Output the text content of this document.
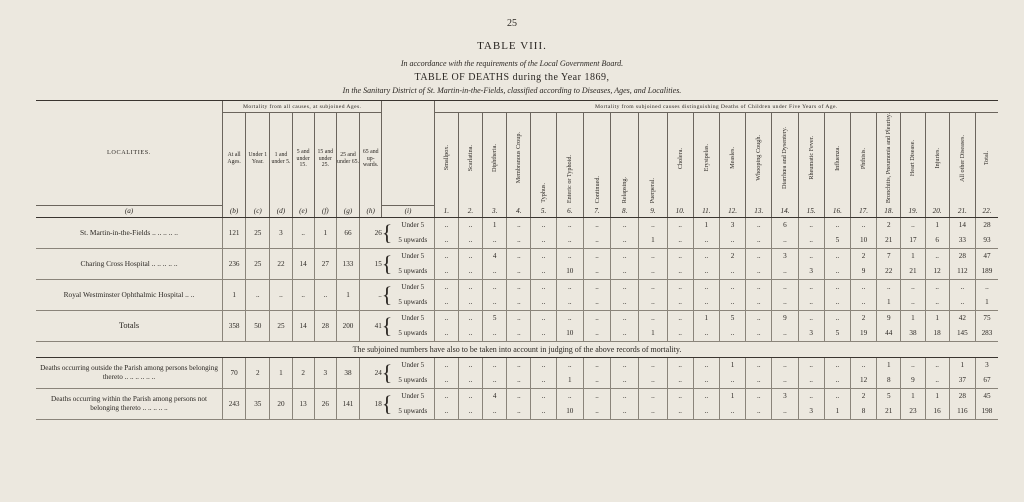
25
TABLE VIII.
In accordance with the requirements of the Local Government Board.
TABLE OF DEATHS during the Year 1869,
In the Sanitary District of St. Martin-in-the-Fields, classified according to Diseases, Ages, and Localities.
LOCALITIES.	Mortality from all causes, at subjoined Ages.									Mortality from subjoined causes distinguishing Deaths of Children under Five Years of Age.																					

	At all Ages.	Under 1 Year.	1 and under 5.	5 and under 15.	15 and under 25.	25 and under 65.	65 and up-wards.			Smallpox.	Scarlatina.	Diphtheria.	Membranous Croup.	Typhus.	Enteric or Typhoid.	Continued.	Relapsing.	Puerperal.	Cholera.	Erysipelas.	Measles.	Whooping Cough.	Diarrhœa and Dysentery.	Rheumatic Fever.	Influenza.	Phthisis.	Bronchitis, Pneumonia and Pleurisy.	Heart Disease.	Injuries.	All other Diseases.	Total.
(a)	(b)	(c)	(d)	(e)	(f)	(g)	(h)	(i)		1.	2.	3.	4.	5.	6.	7.	8.	9.	10.	11.	12.	13.	14.	15.	16.	17.	18.	19.	20.	21.	22.
St. Martin-in-the-Fields .. .. .. .. ..	121	25	3	..	1	66	26	{	Under 5	..	..	1	..	..	..	..	..	..	..	1	3	..	6	..	..	..	2	..	1	14	28
									5 upwards	..	..	..	..	..	..	..	..	1	..	..	..	..	..	..	5	10	21	17	6	33	93
Charing Cross Hospital .. .. .. .. ..	236	25	22	14	27	133	15	{	Under 5	..	..	4	..	..	..	..	..	..	..	..	2	..	3	..	..	2	7	1	..	28	47
									5 upwards	..	..	..	..	..	10	..	..	..	..	..	..	..	..	3	..	9	22	21	12	112	189
Royal Westminster Ophthalmic Hospital .. ..	1	..	..	..	..	1	..	{	Under 5	..	..	..	..	..	..	..	..	..	..	..	..	..	..	..	..	..	..	..	..	..	..
									5 upwards	..	..	..	..	..	..	..	..	..	..	..	..	..	..	..	..	..	1	..	..	..	1
Totals	358	50	25	14	28	200	41	{	Under 5	..	..	5	..	..	..	..	..	..	..	1	5	..	9	..	..	2	9	1	1	42	75
									5 upwards	..	..	..	..	..	10	..	..	1	..	..	..	..	..	3	5	19	44	38	18	145	283
The subjoined numbers have also to be taken into account in judging of the above records of mortality.																															
Deaths occurring outside the Parish among persons belonging thereto .. .. .. .. .. ..	70	2	1	2	3	38	24	{	Under 5	..	..	..	..	..	..	..	..	..	..	..	1	..	..	..	..	..	1	..	..	1	3
									5 upwards	..	..	..	..	..	1	..	..	..	..	..	..	..	..	..	..	12	8	9	..	37	67
Deaths occurring within the Parish among persons not belonging thereto .. .. .. .. ..	243	35	20	13	26	141	18	{	Under 5	..	..	4	..	..	..	..	..	..	..	..	1	..	3	..	..	2	5	1	1	28	45
									5 upwards	..	..	..	..	..	10	..	..	..	..	..	..	..	..	3	1	8	21	23	16	116	198
